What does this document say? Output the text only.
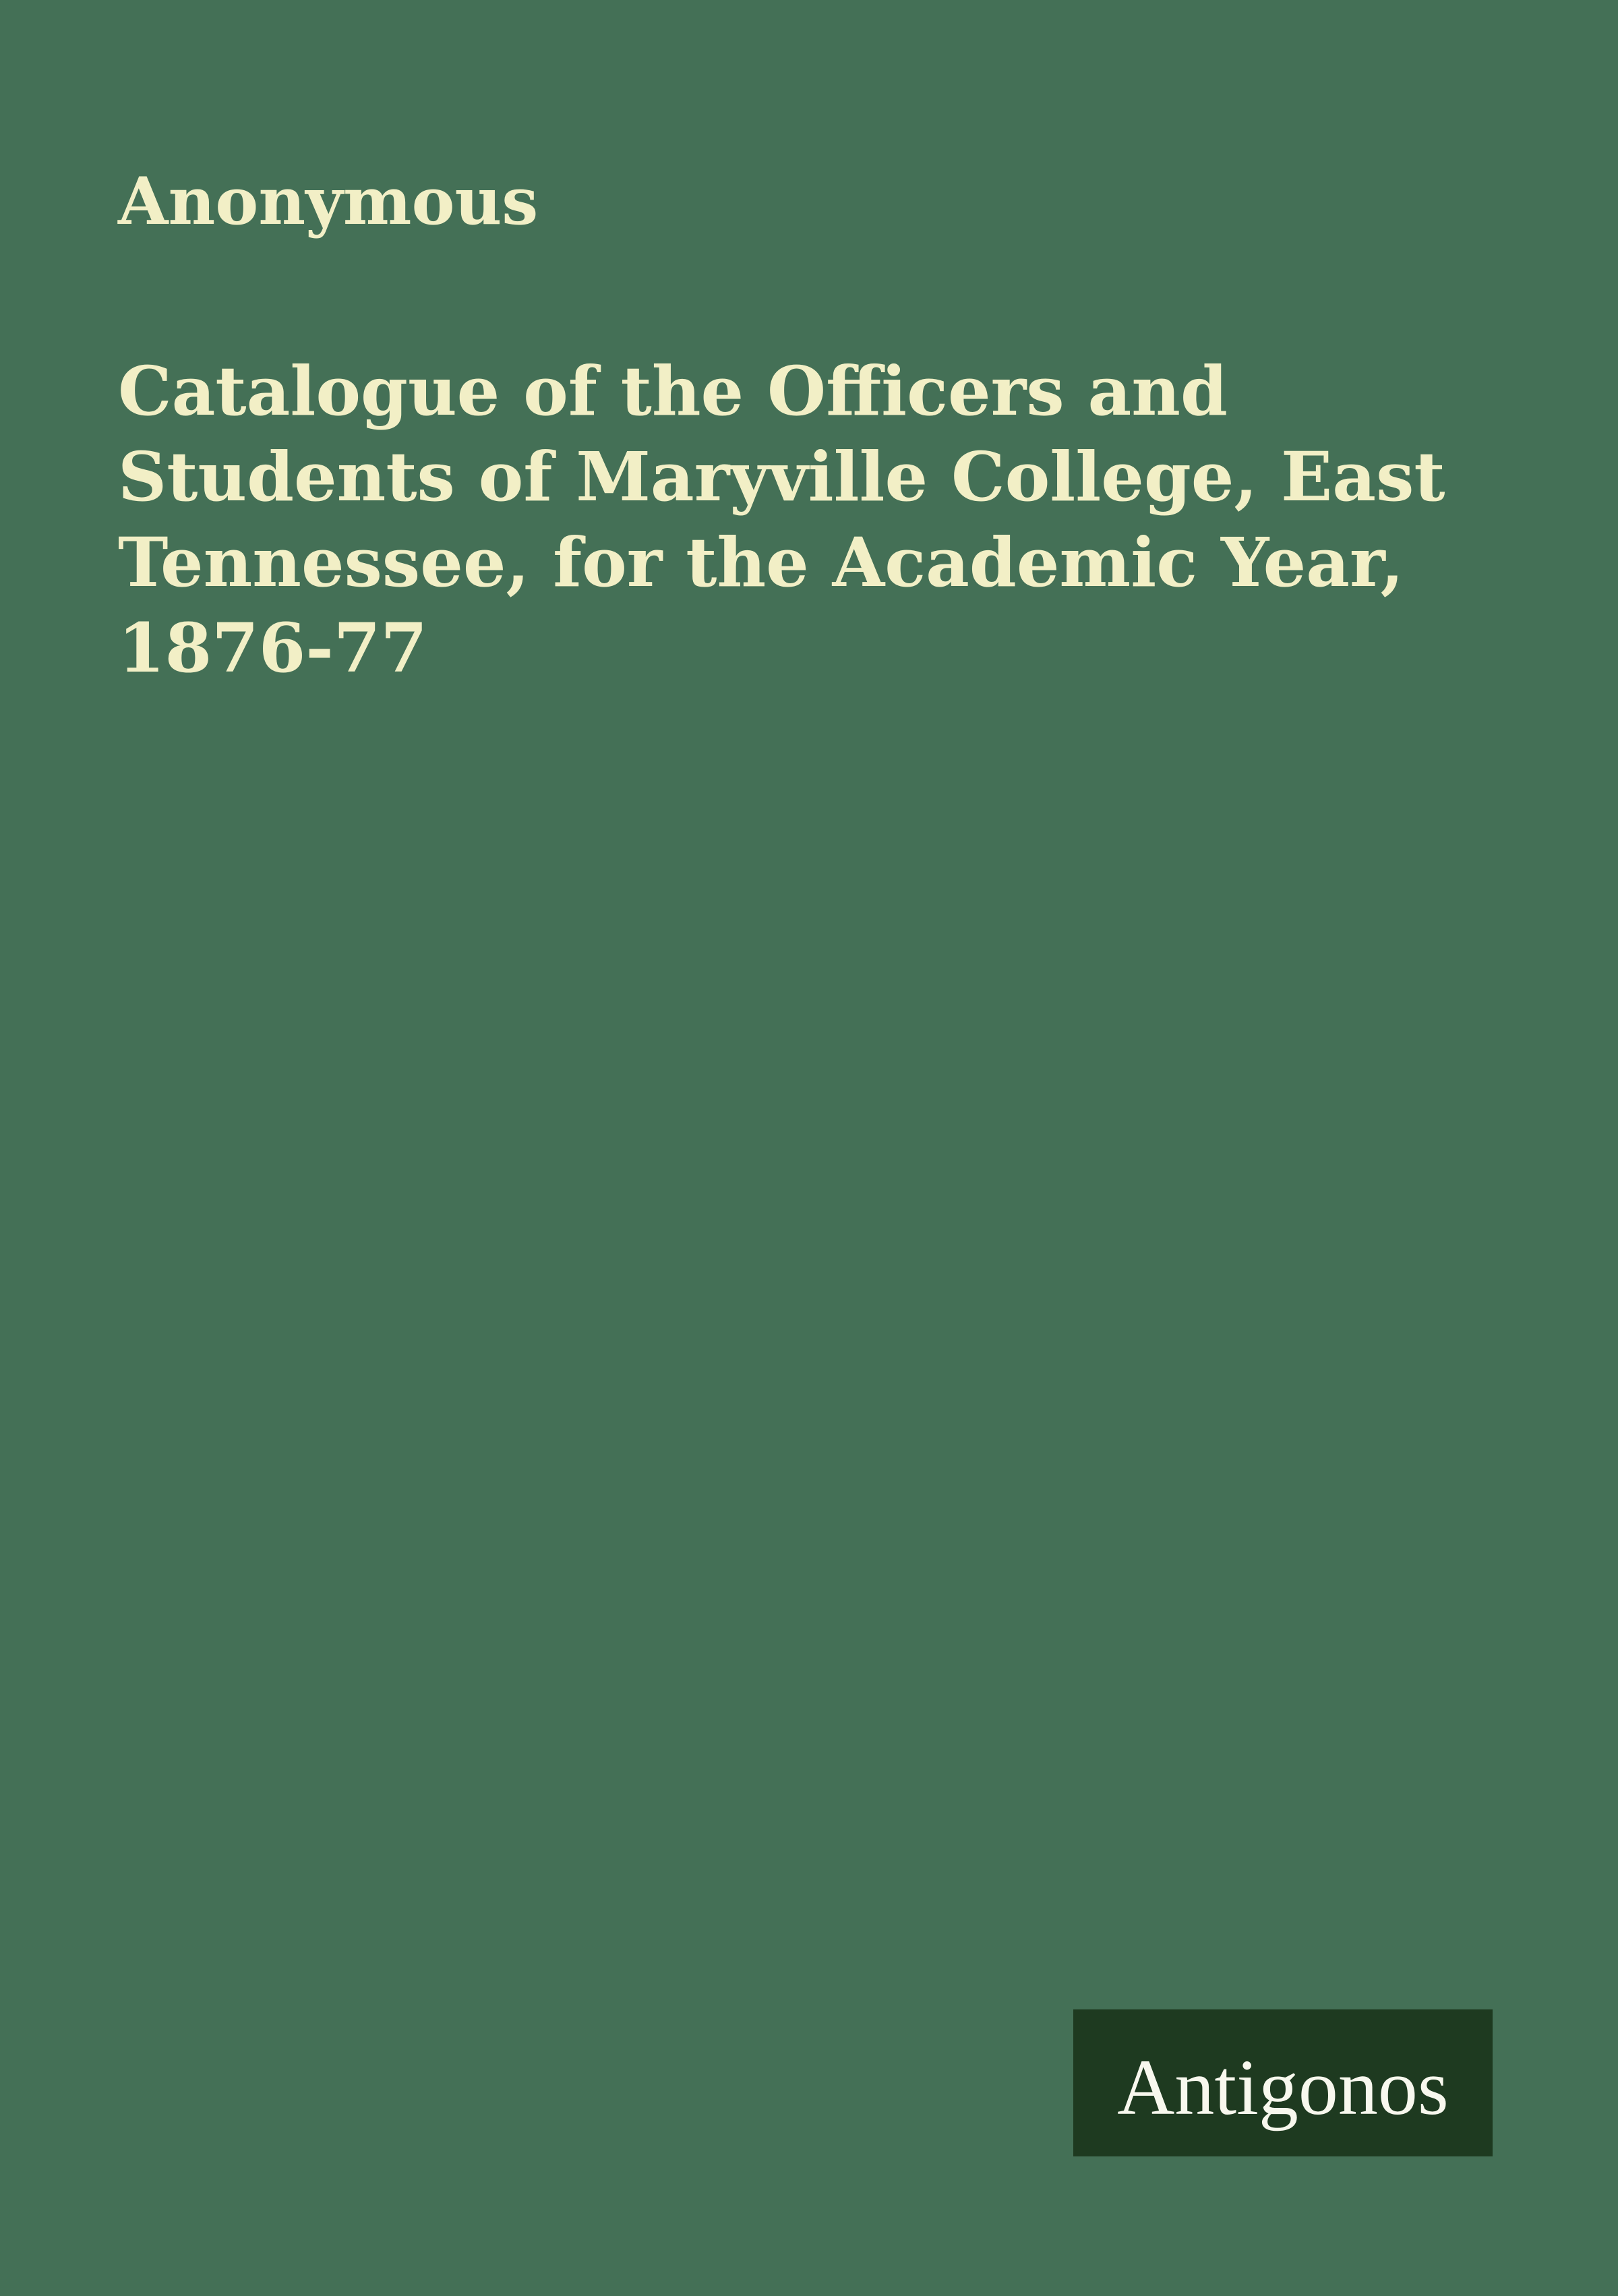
Anonymous
Catalogue of the Officers and
Students of Maryville College, East
Tennessee, for the Academic Year,
1876-77
Antigonos
